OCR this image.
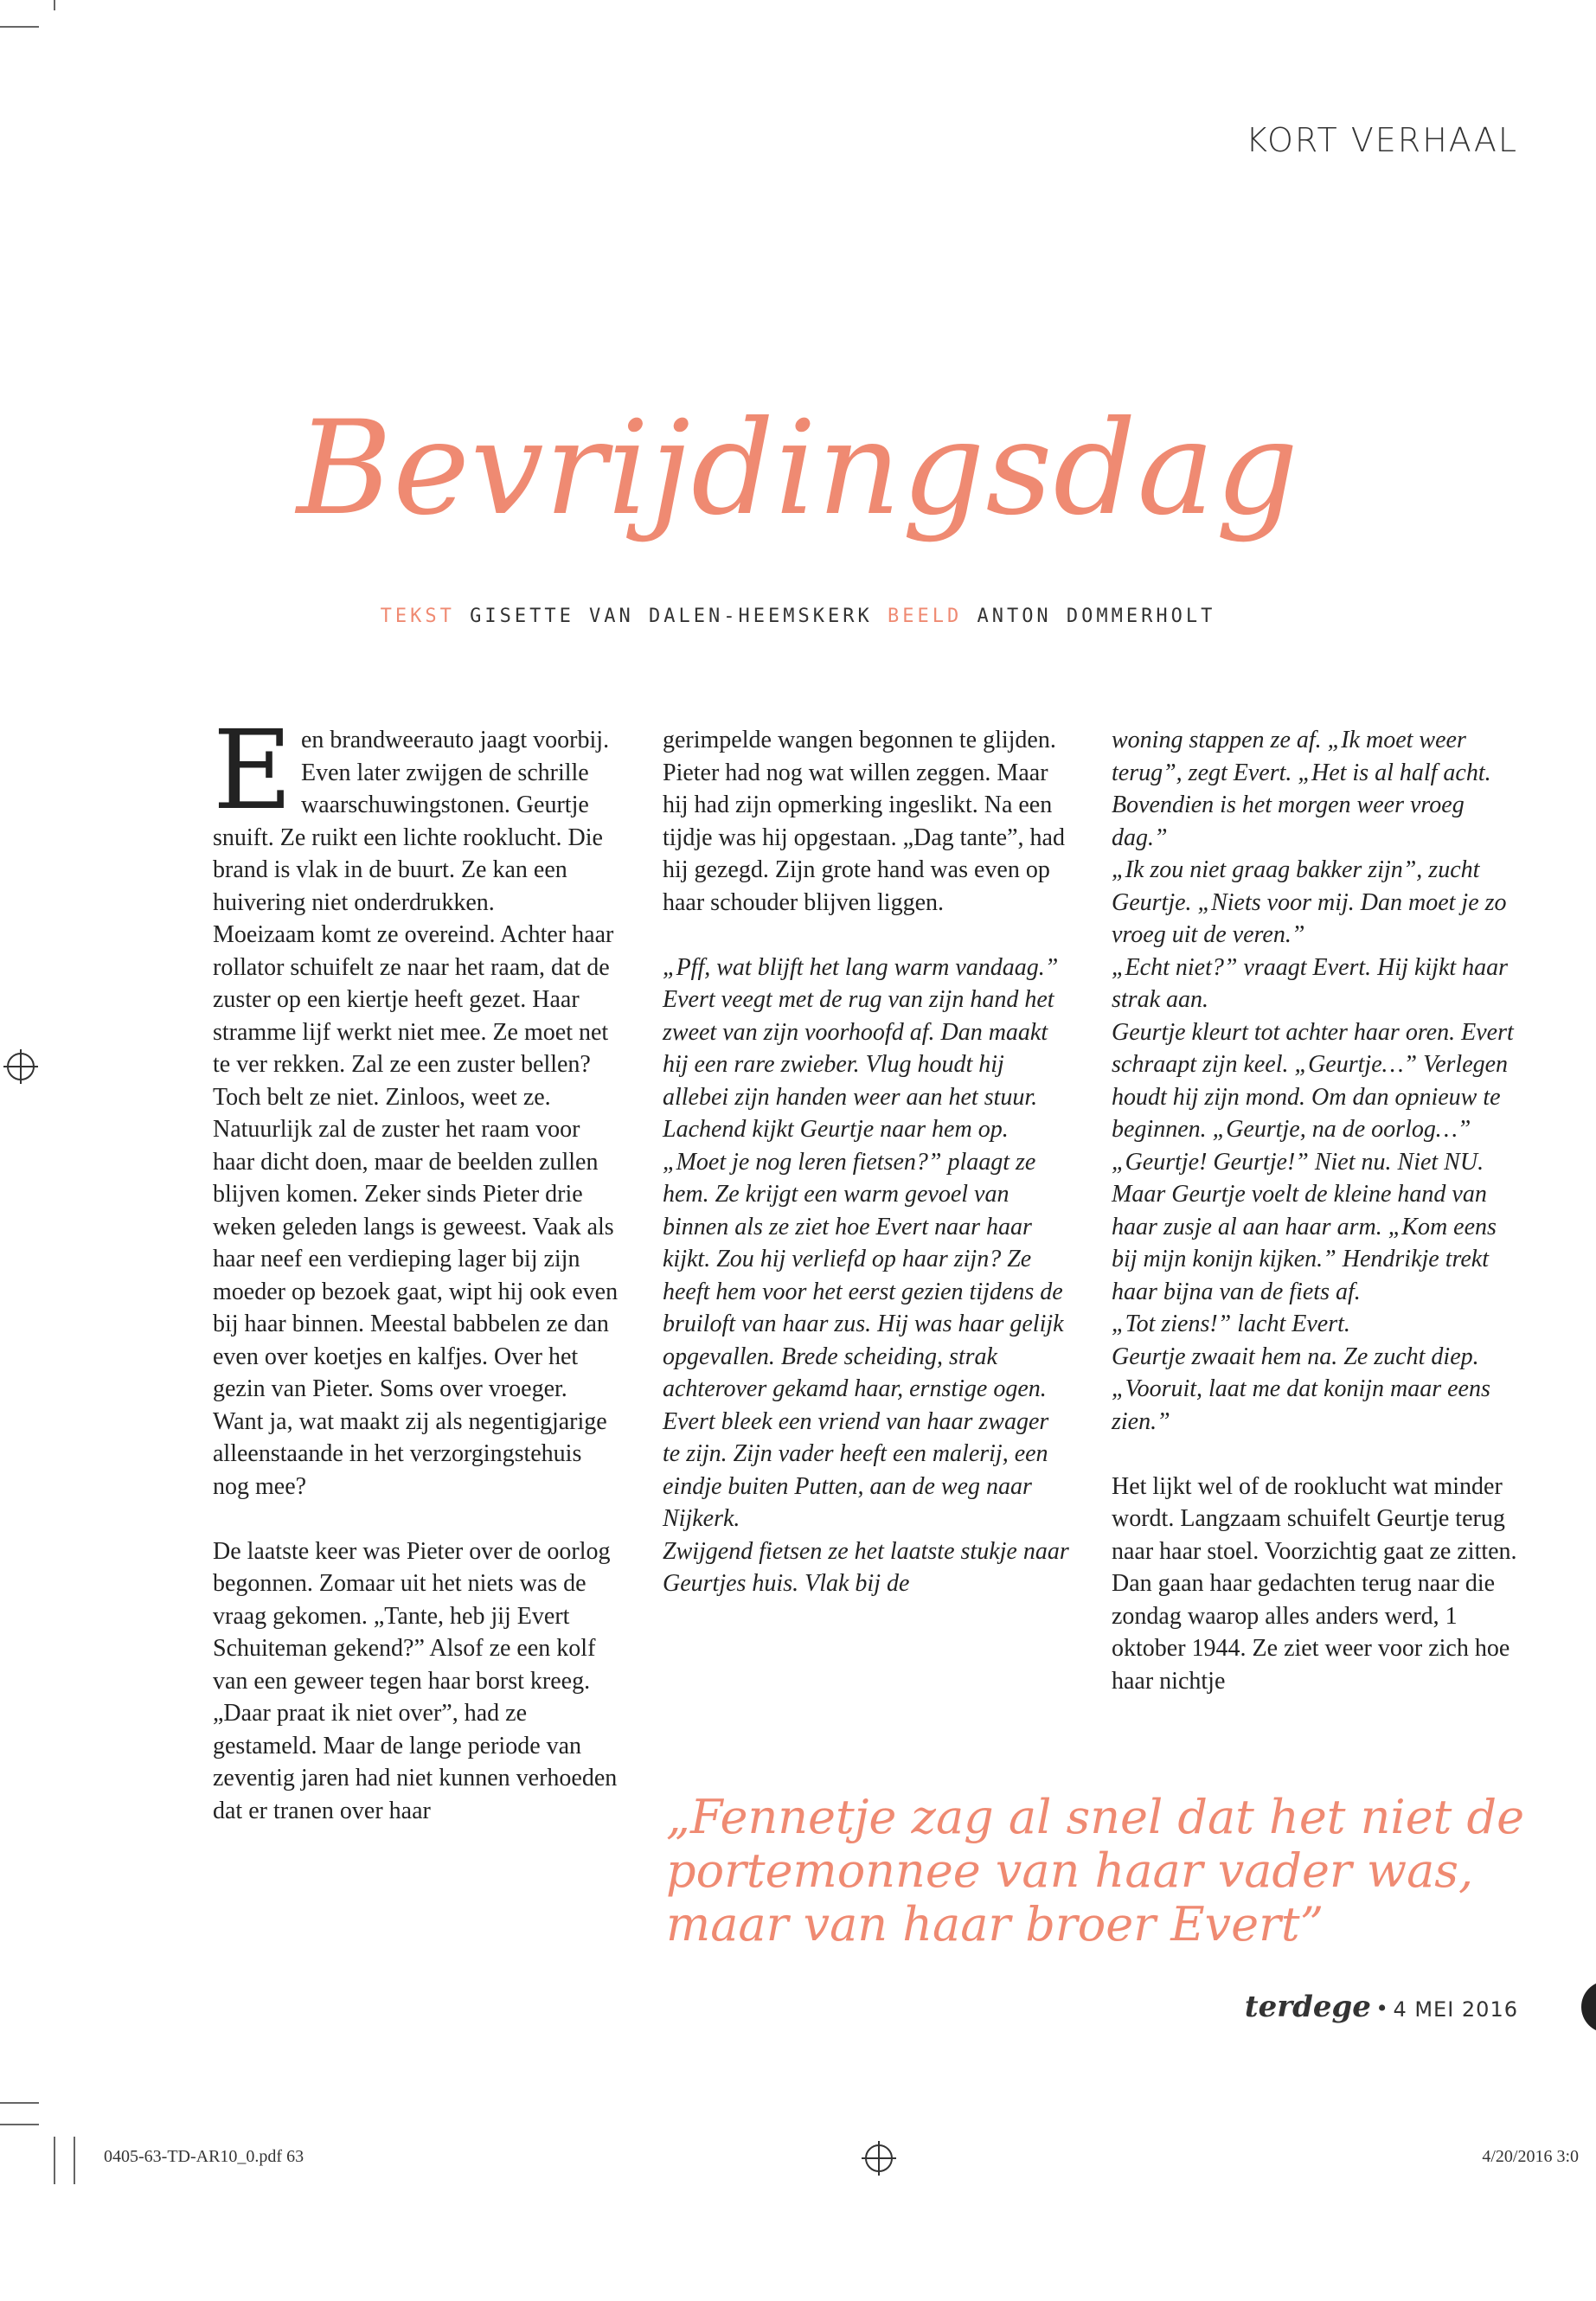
KORT VERHAAL
Bevrijdingsdag
TEKST GISETTE VAN DALEN-HEEMSKERK BEELD ANTON DOMMERHOLT
E en brandweerauto jaagt voorbij. Even later zwijgen de schrille waarschuwingstonen. Geurtje snuift. Ze ruikt een lichte rooklucht. Die brand is vlak in de buurt. Ze kan een huivering niet onderdrukken.

Moeizaam komt ze overeind. Achter haar rollator schuifelt ze naar het raam, dat de zuster op een kiertje heeft gezet. Haar stramme lijf werkt niet mee. Ze moet net te ver rekken. Zal ze een zuster bellen?

Toch belt ze niet. Zinloos, weet ze. Natuurlijk zal de zuster het raam voor haar dicht doen, maar de beelden zullen blijven komen. Zeker sinds Pieter drie weken geleden langs is geweest. Vaak als haar neef een verdieping lager bij zijn moeder op bezoek gaat, wipt hij ook even bij haar binnen. Meestal babbelen ze dan even over koetjes en kalfjes. Over het gezin van Pieter. Soms over vroeger. Want ja, wat maakt zij als negentigjarige alleenstaande in het verzorgingstehuis nog mee?

De laatste keer was Pieter over de oorlog begonnen. Zomaar uit het niets was de vraag gekomen. „Tante, heb jij Evert Schuiteman gekend?” Alsof ze een kolf van een geweer tegen haar borst kreeg.

„Daar praat ik niet over”, had ze gestameld. Maar de lange periode van zeventig jaren had niet kunnen verhoeden dat er tranen over haar

gerimpelde wangen begonnen te glijden.

Pieter had nog wat willen zeggen. Maar hij had zijn opmerking ingeslikt. Na een tijdje was hij opgestaan. „Dag tante”, had hij gezegd. Zijn grote hand was even op haar schouder blijven liggen.

„Pff, wat blijft het lang warm vandaag.” Evert veegt met de rug van zijn hand het zweet van zijn voorhoofd af. Dan maakt hij een rare zwieber. Vlug houdt hij allebei zijn handen weer aan het stuur.

Lachend kijkt Geurtje naar hem op. „Moet je nog leren fietsen?” plaagt ze hem. Ze krijgt een warm gevoel van binnen als ze ziet hoe Evert naar haar kijkt. Zou hij verliefd op haar zijn? Ze heeft hem voor het eerst gezien tijdens de bruiloft van haar zus. Hij was haar gelijk opgevallen. Brede scheiding, strak achterover gekamd haar, ernstige ogen. Evert bleek een vriend van haar zwager te zijn. Zijn vader heeft een malerij, een eindje buiten Putten, aan de weg naar Nijkerk.

Zwijgend fietsen ze het laatste stukje naar Geurtjes huis. Vlak bij de

woning stappen ze af. „Ik moet weer terug”, zegt Evert. „Het is al half acht. Bovendien is het morgen weer vroeg dag.”

„Ik zou niet graag bakker zijn”, zucht Geurtje. „Niets voor mij. Dan moet je zo vroeg uit de veren.”

„Echt niet?” vraagt Evert. Hij kijkt haar strak aan.

Geurtje kleurt tot achter haar oren. Evert schraapt zijn keel. „Geurtje…” Verlegen houdt hij zijn mond. Om dan opnieuw te beginnen. „Geurtje, na de oorlog…”

„Geurtje! Geurtje!” Niet nu. Niet NU. Maar Geurtje voelt de kleine hand van haar zusje al aan haar arm. „Kom eens bij mijn konijn kijken.” Hendrikje trekt haar bijna van de fiets af.

„Tot ziens!” lacht Evert.

Geurtje zwaait hem na. Ze zucht diep. „Vooruit, laat me dat konijn maar eens zien.”

Het lijkt wel of de rooklucht wat minder wordt. Langzaam schuifelt Geurtje terug naar haar stoel. Voorzichtig gaat ze zitten. Dan gaan haar gedachten terug naar die zondag waarop alles anders werd, 1 oktober 1944. Ze ziet weer voor zich hoe haar nichtje

„Fennetje zag al snel dat het niet de portemonnee van haar vader was, maar van haar broer Evert”
terdege • 4 MEI 2016
0405-63-TD-AR10_0.pdf 63	4/20/2016 3:0
